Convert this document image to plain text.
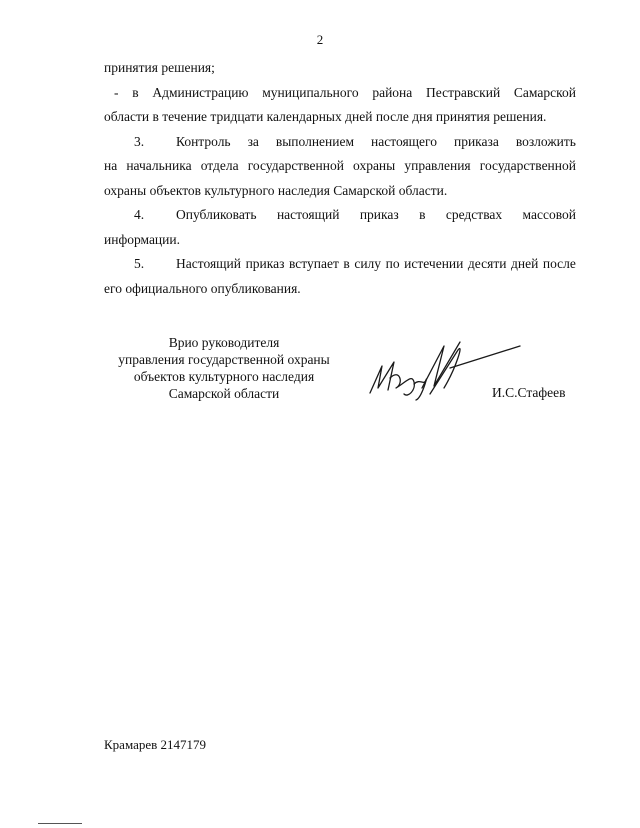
2
принятия решения;
- в Администрацию муниципального района Пестравский Самарской
области в течение тридцати календарных дней после дня принятия решения.
3.	Контроль за выполнением настоящего приказа возложить
на начальника отдела государственной охраны управления государственной
охраны объектов культурного наследия Самарской области.
4.	Опубликовать настоящий приказ в средствах массовой
информации.
5.	Настоящий приказ вступает в силу по истечении десяти дней после
его официального опубликования.
Врио руководителя
управления государственной охраны
объектов культурного наследия
Самарской области	И.С.Стафеев
Крамарев 2147179
